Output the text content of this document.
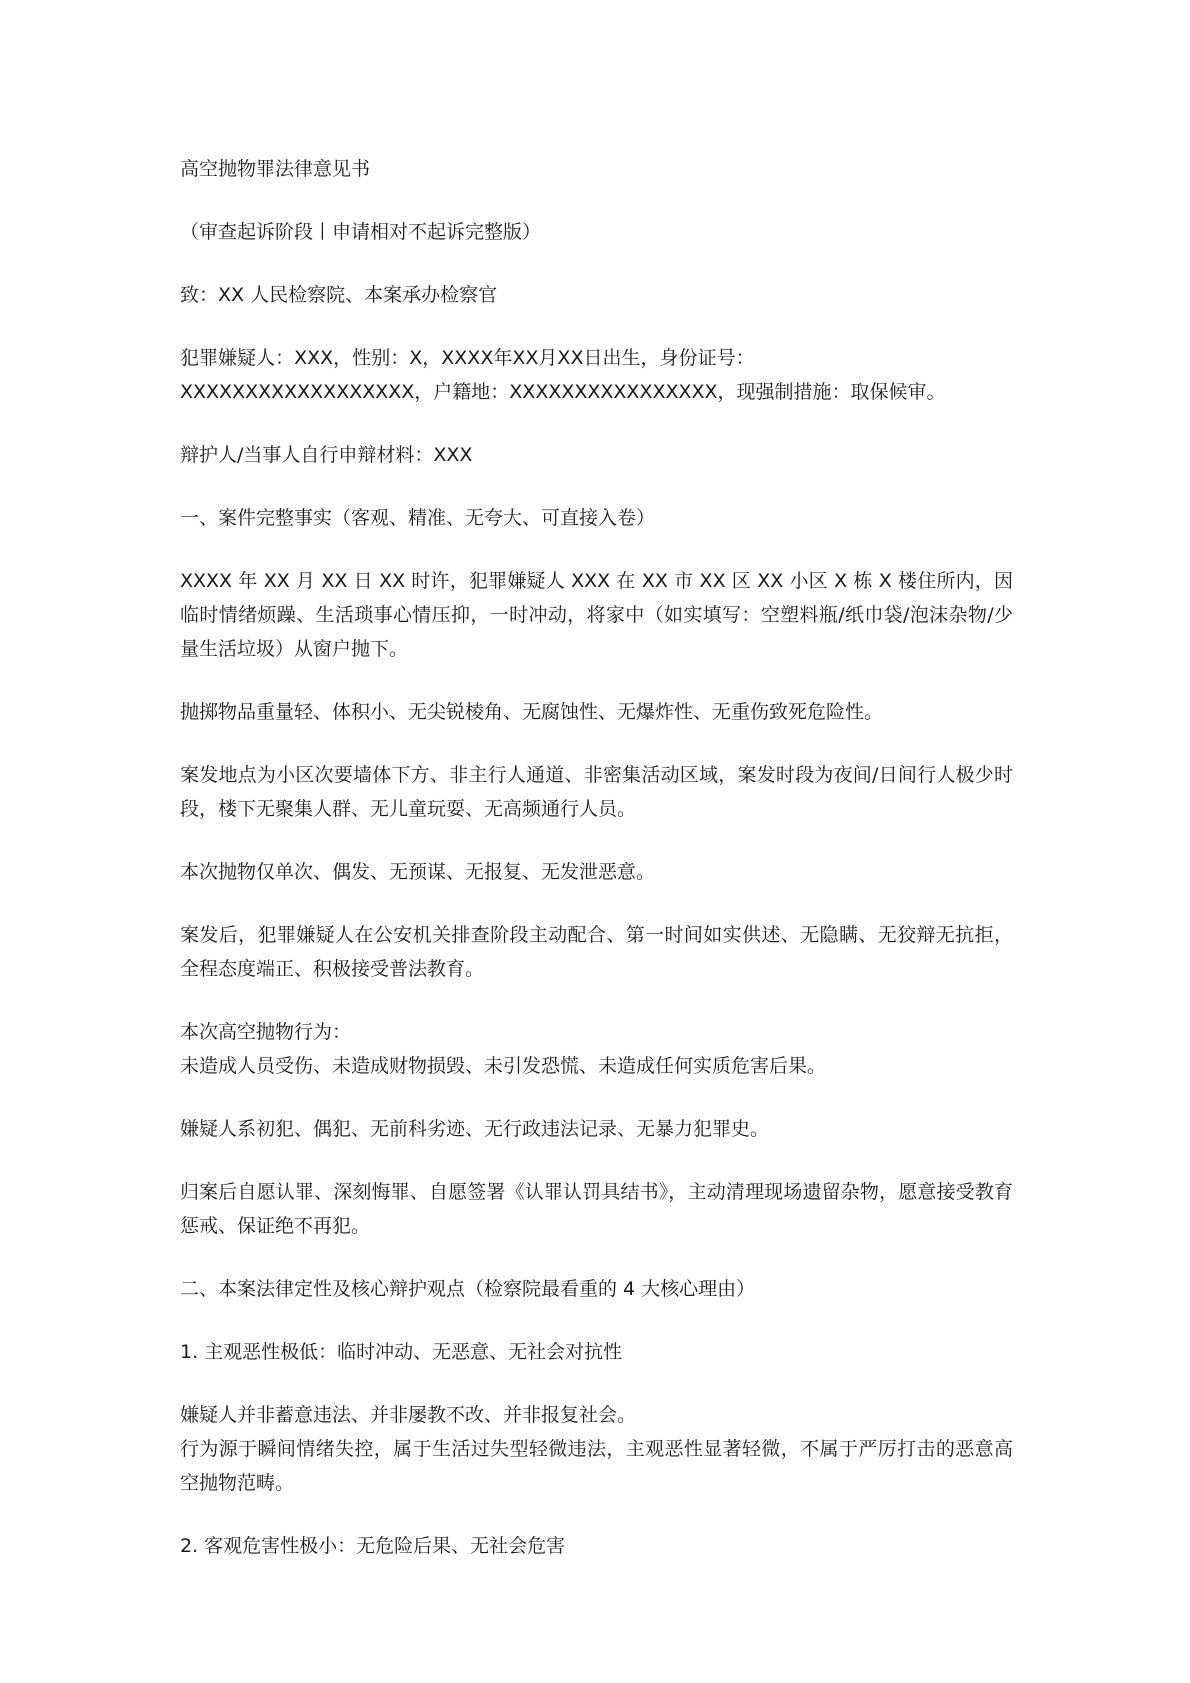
高空抛物罪法律意见书

（审查起诉阶段丨申请相对不起诉完整版）

致：XX 人民检察院、本案承办检察官

犯罪嫌疑人：XXX，性别：X，XXXX年XX月XX日出生，身份证号：
XXXXXXXXXXXXXXXXXX，户籍地：XXXXXXXXXXXXXXXX，现强制措施：取保候审。

辩护人/当事人自行申辩材料：XXX

一、案件完整事实（客观、精准、无夸大、可直接入卷）

XXXX 年 XX 月 XX 日 XX 时许，犯罪嫌疑人 XXX 在 XX 市 XX 区 XX 小区 X 栋 X 楼住所内，因临时情绪烦躁、生活琐事心情压抑，一时冲动，将家中（如实填写：空塑料瓶/纸巾袋/泡沫杂物/少量生活垃圾）从窗户抛下。

抛掷物品重量轻、体积小、无尖锐棱角、无腐蚀性、无爆炸性、无重伤致死危险性。

案发地点为小区次要墙体下方、非主行人通道、非密集活动区域，案发时段为夜间/日间行人极少时段，楼下无聚集人群、无儿童玩耍、无高频通行人员。

本次抛物仅单次、偶发、无预谋、无报复、无发泄恶意。

案发后，犯罪嫌疑人在公安机关排查阶段主动配合、第一时间如实供述、无隐瞒、无狡辩无抗拒，全程态度端正、积极接受普法教育。

本次高空抛物行为：
未造成人员受伤、未造成财物损毁、未引发恐慌、未造成任何实质危害后果。

嫌疑人系初犯、偶犯、无前科劣迹、无行政违法记录、无暴力犯罪史。

归案后自愿认罪、深刻悔罪、自愿签署《认罪认罚具结书》，主动清理现场遗留杂物，愿意接受教育惩戒、保证绝不再犯。

二、本案法律定性及核心辩护观点（检察院最看重的 4 大核心理由）

1. 主观恶性极低：临时冲动、无恶意、无社会对抗性

嫌疑人并非蓄意违法、并非屡教不改、并非报复社会。
行为源于瞬间情绪失控，属于生活过失型轻微违法，主观恶性显著轻微，不属于严厉打击的恶意高空抛物范畴。

2. 客观危害性极小：无危险后果、无社会危害
